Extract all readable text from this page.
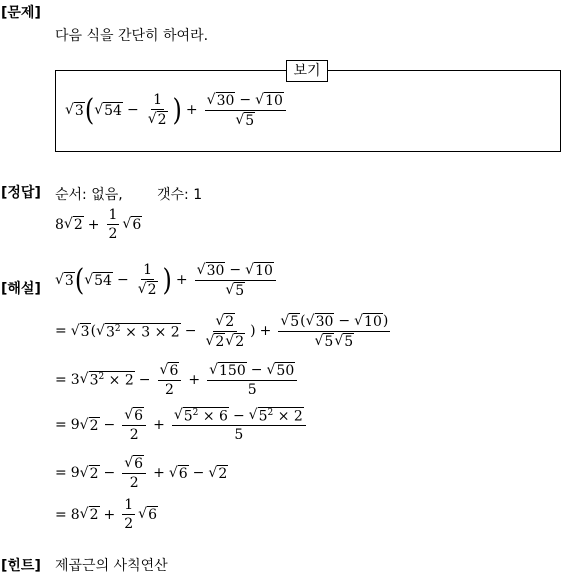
[문제]
다음 식을 간단히 하여라.
보기
√ 3 ( √ $54 - \frac{1}{√ 2}$ ) + $\frac{√ 30 - √ 10}{√ 5}$
[정답] 순서: 없음, 갯수: 1
8 √ $2 + \frac{1}{2}$ √ 6
[해설]
√ 3 ( √ $54 - \frac{1}{√ 2}$ ) + $\frac{√ 30 - √ 10}{√ 5}$
= √ 3 ( √ $3^2 \times 3 \times 2 - \frac{√ 2}{√ 2 √ 2}$ ) + $\frac{√ 5 ( √ 30 - √ 10 )}{√ 5 √ 5}$
= 3 √ $3^2 \times 2 - \frac{√ 6}{2} + \frac{√ 150 - √ 50}{5}$
= 9 √ $2 - \frac{√ 6}{2} + \frac{√ 5^2 \times 6 - √ 5^2 \times 2}{5}$
= 9 √ $2 - \frac{√ 6}{2}$ + √ 6 − √ 2
= 8 √ $2 + \frac{1}{2}$ √ 6
[힌트] 제곱근의 사칙연산
